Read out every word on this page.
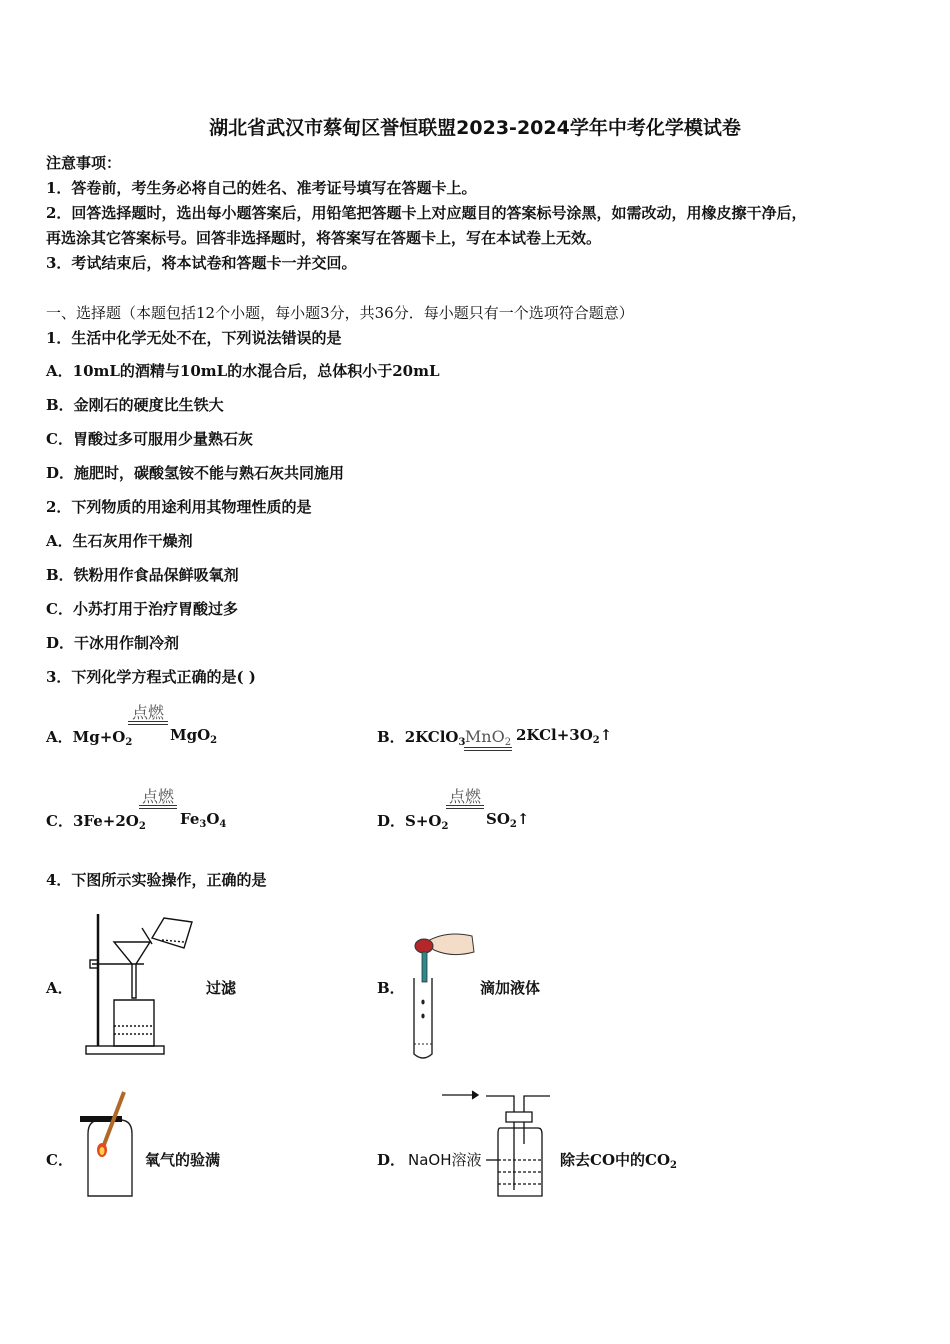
湖北省武汉市蔡甸区誉恒联盟2023-2024学年中考化学模试卷
注意事项：
1．答卷前，考生务必将自己的姓名、准考证号填写在答题卡上。
2．回答选择题时，选出每小题答案后，用铅笔把答题卡上对应题目的答案标号涂黑，如需改动，用橡皮擦干净后，
再选涂其它答案标号。回答非选择题时，将答案写在答题卡上，写在本试卷上无效。
3．考试结束后，将本试卷和答题卡一并交回。
一、选择题（本题包括12个小题，每小题3分，共36分．每小题只有一个选项符合题意）
1．生活中化学无处不在，下列说法错误的是
A．10mL的酒精与10mL的水混合后，总体积小于20mL
B．金刚石的硬度比生铁大
C．胃酸过多可服用少量熟石灰
D．施肥时，碳酸氢铵不能与熟石灰共同施用
2．下列物质的用途利用其物理性质的是
A．生石灰用作干燥剂
B．铁粉用作食品保鲜吸氧剂
C．小苏打用于治疗胃酸过多
D．干冰用作制冷剂
3．下列化学方程式正确的是( )
A．$Mg+O_2$
点燃
MgO$_2$	B．2KClO$_3$ MnO$_2$ $2KCl+3O_2↑$
C．$3Fe+2O_2$
点燃
$Fe_3O_4$	D．$S+O_2$
点燃
$SO_2↑$
4．下图所示实验操作，正确的是
A．	过滤	B．	滴加液体
C．	氧气的验满	D． NaOH溶液	除去CO中的$CO_2$
